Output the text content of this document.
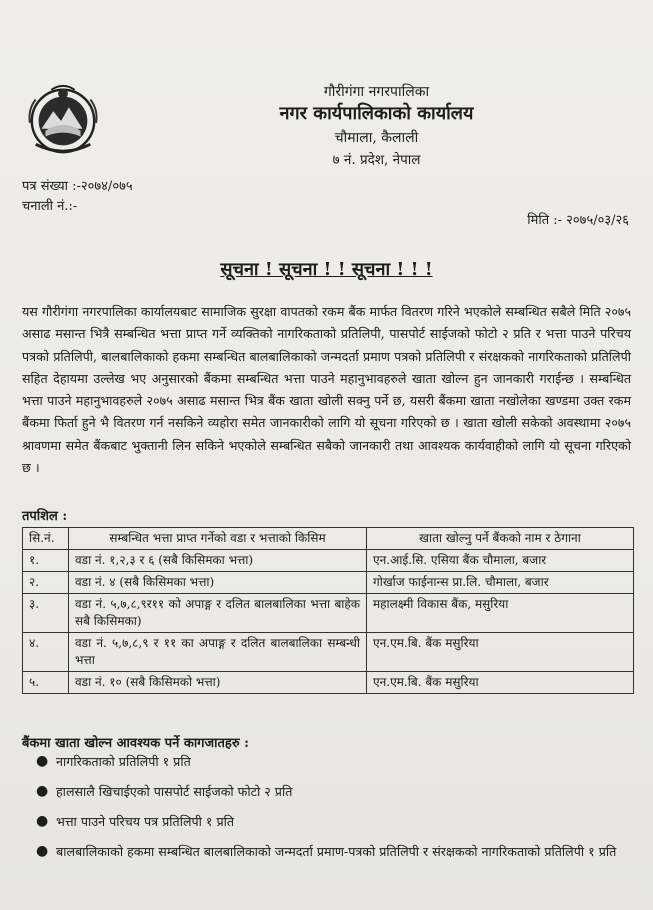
गौरीगंगा नगरपालिका
नगर कार्यपालिकाको कार्यालय
चौमाला, कैलाली
७ नं. प्रदेश, नेपाल
पत्र संख्या :-२०७४/०७५
चनाली नं.:-
मिति :- २०७५/०३/२६
सूचना ! सूचना ! ! सूचना ! ! !
यस गौरीगंगा नगरपालिका कार्यालयबाट सामाजिक सुरक्षा वापतको रकम बैंक मार्फत वितरण गरिने भएकोले सम्बन्धित सबैले मिति २०७५ असाढ मसान्त भित्रै सम्बन्धित भत्ता प्राप्त गर्ने व्यक्तिको नागरिकताको प्रतिलिपी, पासपोर्ट साईजको फोटो २ प्रति र भत्ता पाउने परिचय पत्रको प्रतिलिपी, बालबालिकाको हकमा सम्बन्धित बालबालिकाको जन्मदर्ता प्रमाण पत्रको प्रतिलिपी र संरक्षकको नागरिकताको प्रतिलिपी सहित देहायमा उल्लेख भए अनुसारको बैंकमा सम्बन्धित भत्ता पाउने महानुभावहरुले खाता खोल्न हुन जानकारी गराईन्छ । सम्बन्धित भत्ता पाउने महानुभावहरुले २०७५ असाढ मसान्त भित्र बैंक खाता खोली सक्नु पर्ने छ, यसरी बैंकमा खाता नखोलेका खण्डमा उक्त रकम बैंकमा फिर्ता हुने भै वितरण गर्न नसकिने व्यहोरा समेत जानकारीको लागि यो सूचना गरिएको छ । खाता खोली सकेको अवस्थामा २०७५ श्रावणमा समेत बैंकबाट भुक्तानी लिन सकिने भएकोले सम्बन्धित सबैको जानकारी तथा आवश्यक कार्यवाहीको लागि यो सूचना गरिएको छ ।
तपशिल :
सि.नं.	सम्बन्धित भत्ता प्राप्त गर्नेको वडा र भत्ताको किसिम	खाता खोल्नु पर्ने बैंकको नाम र ठेगाना
१.	वडा नं. १,२,३ र ६ (सबै किसिमका भत्ता)	एन.आई.सि. एसिया बैंक चौमाला, बजार
२.	वडा नं. ४ (सबै किसिमका भत्ता)	गोर्खाज फाईनान्स प्रा.लि. चौमाला, बजार
३.	वडा नं. ५,७,८,९र११ को अपाङ्ग र दलित बालबालिका भत्ता बाहेक सबै किसिमका)	महालक्ष्मी विकास बैंक, मसुरिया
४.	वडा नं. ५,७,८,९ र ११ का अपाङ्ग र दलित बालबालिका सम्बन्धी भत्ता	एन.एम.बि. बैंक मसुरिया
५.	वडा नं. १० (सबै किसिमको भत्ता)	एन.एम.बि. बैंक मसुरिया
बैंकमा खाता खोल्न आवश्यक पर्ने कागजातहरु :
● नागरिकताको प्रतिलिपी १ प्रति
● हालसालै खिचाईएको पासपोर्ट साईजको फोटो २ प्रति
● भत्ता पाउने परिचय पत्र प्रतिलिपी १ प्रति
● बालबालिकाको हकमा सम्बन्धित बालबालिकाको जन्मदर्ता प्रमाण-पत्रको प्रतिलिपी र संरक्षकको नागरिकताको प्रतिलिपी १ प्रति
